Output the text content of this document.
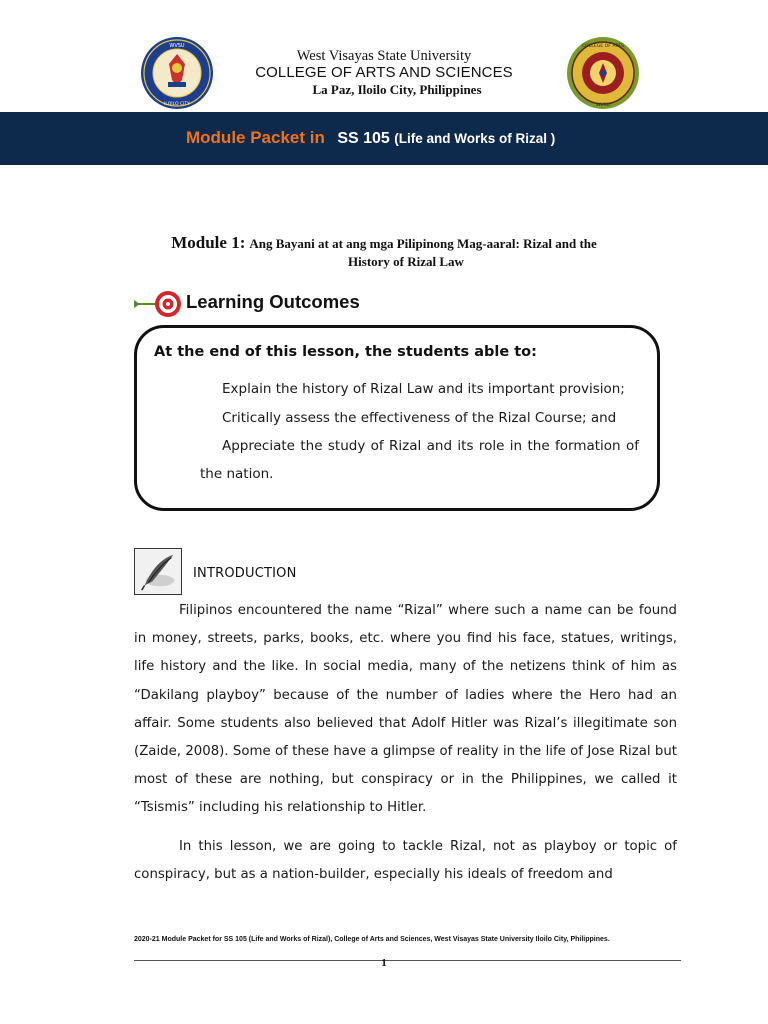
WVSU
ILOILO CITY
COLLEGE OF ARTS
WVSU
West Visayas State University
COLLEGE OF ARTS AND SCIENCES
La Paz, Iloilo City, Philippines
Module Packet in SS 105 (Life and Works of Rizal )
Module 1: Ang Bayani at at ang mga Pilipinong Mag-aaral: Rizal and the
History of Rizal Law
Learning Outcomes
At the end of this lesson, the students able to:
Explain the history of Rizal Law and its important provision;
Critically assess the effectiveness of the Rizal Course; and
Appreciate the study of Rizal and its role in the formation of
the nation.
INTRODUCTION
Filipinos encountered the name “Rizal” where such a name can be found in money, streets, parks, books, etc. where you find his face, statues, writings, life history and the like. In social media, many of the netizens think of him as “Dakilang playboy” because of the number of ladies where the Hero had an affair. Some students also believed that Adolf Hitler was Rizal’s illegitimate son (Zaide, 2008). Some of these have a glimpse of reality in the life of Jose Rizal but most of these are nothing, but conspiracy or in the Philippines, we called it “Tsismis” including his relationship to Hitler.
In this lesson, we are going to tackle Rizal, not as playboy or topic of conspiracy, but as a nation-builder, especially his ideals of freedom and
2020-21 Module Packet for SS 105 (Life and Works of Rizal), College of Arts and Sciences, West Visayas State University Iloilo City, Philippines.
1
